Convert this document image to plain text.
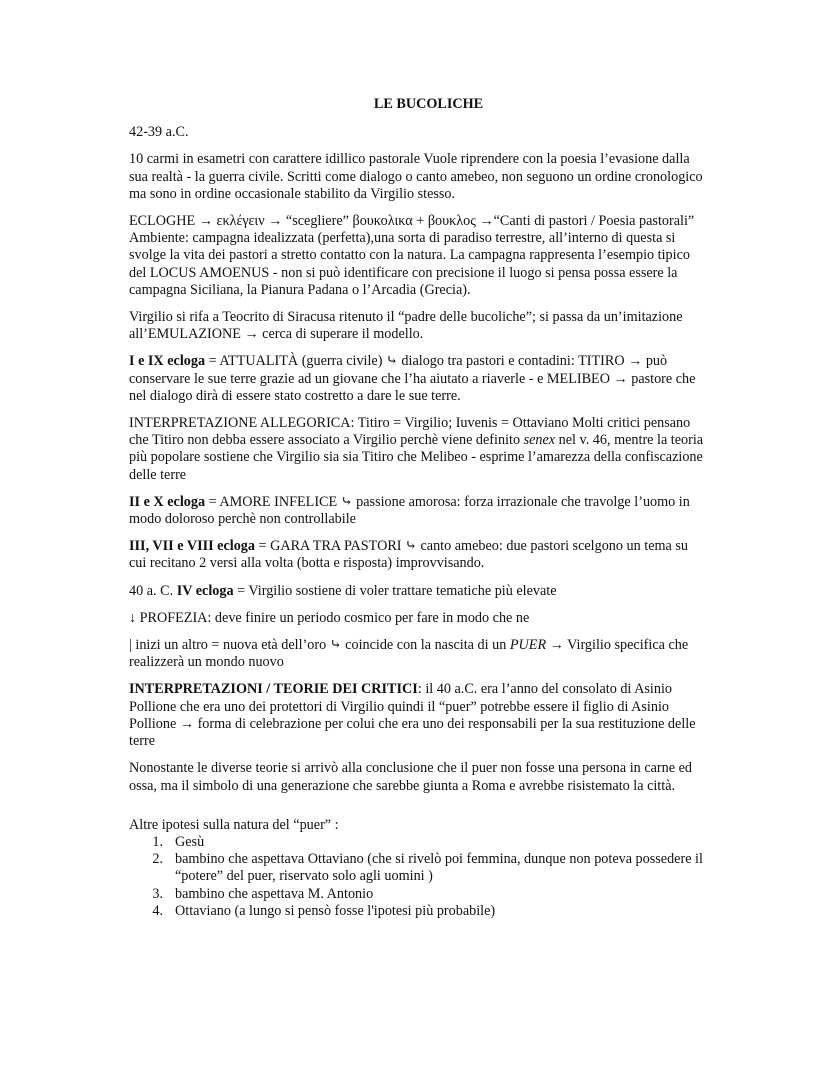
LE BUCOLICHE

42-39 a.C.

10 carmi in esametri con carattere idillico pastorale Vuole riprendere con la poesia l’evasione dalla sua realtà - la guerra civile. Scritti come dialogo o canto amebeo, non seguono un ordine cronologico ma sono in ordine occasionale stabilito da Virgilio stesso.

ECLOGHE → εκλέγειν → “scegliere” βουκολικα + βουκλος →“Canti di pastori / Poesia pastorali” Ambiente: campagna idealizzata (perfetta),una sorta di paradiso terrestre, all’interno di questa si svolge la vita dei pastori a stretto contatto con la natura. La campagna rappresenta l’esempio tipico del LOCUS AMOENUS - non si può identificare con precisione il luogo si pensa possa essere la campagna Siciliana, la Pianura Padana o l’Arcadia (Grecia).

Virgilio si rifa a Teocrito di Siracusa ritenuto il “padre delle bucoliche”; si passa da un’imitazione all’EMULAZIONE → cerca di superare il modello.

I e IX ecloga = ATTUALITÀ (guerra civile) ⤷ dialogo tra pastori e contadini: TITIRO → può conservare le sue terre grazie ad un giovane che l’ha aiutato a riaverle - e MELIBEO → pastore che nel dialogo dirà di essere stato costretto a dare le sue terre.

INTERPRETAZIONE ALLEGORICA: Titiro = Virgilio; Iuvenis = Ottaviano Molti critici pensano che Titiro non debba essere associato a Virgilio perchè viene definito senex nel v. 46, mentre la teoria più popolare sostiene che Virgilio sia sia Titiro che Melibeo - esprime l’amarezza della confiscazione delle terre

II e X ecloga = AMORE INFELICE ⤷ passione amorosa: forza irrazionale che travolge l’uomo in modo doloroso perchè non controllabile

III, VII e VIII ecloga = GARA TRA PASTORI ⤷ canto amebeo: due pastori scelgono un tema su cui recitano 2 versi alla volta (botta e risposta) improvvisando.

40 a. C. IV ecloga = Virgilio sostiene di voler trattare tematiche più elevate

↓ PROFEZIA: deve finire un periodo cosmico per fare in modo che ne

| inizi un altro = nuova età dell’oro ⤷ coincide con la nascita di un PUER → Virgilio specifica che realizzerà un mondo nuovo

INTERPRETAZIONI / TEORIE DEI CRITICI: il 40 a.C. era l’anno del consolato di Asinio Pollione che era uno dei protettori di Virgilio quindi il “puer” potrebbe essere il figlio di Asinio Pollione → forma di celebrazione per colui che era uno dei responsabili per la sua restituzione delle terre

Nonostante le diverse teorie si arrivò alla conclusione che il puer non fosse una persona in carne ed ossa, ma il simbolo di una generazione che sarebbe giunta a Roma e avrebbe risistemato la città.

Altre ipotesi sulla natura del “puer” :

1. Gesù
2. bambino che aspettava Ottaviano (che si rivelò poi femmina, dunque non poteva possedere il “potere” del puer, riservato solo agli uomini )
3. bambino che aspettava M. Antonio
4. Ottaviano (a lungo si pensò fosse l'ipotesi più probabile)
